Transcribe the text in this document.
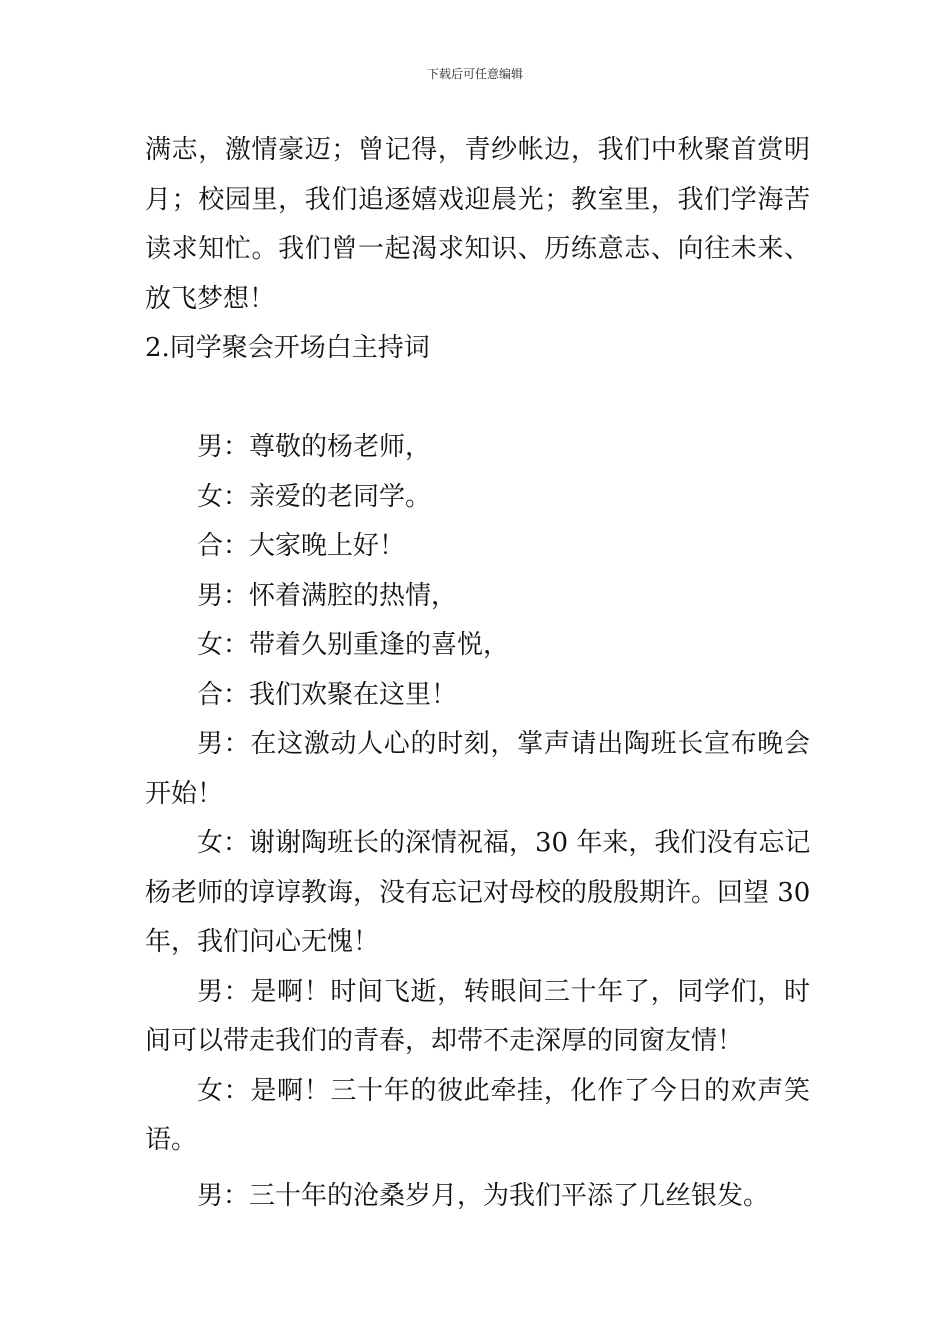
下载后可任意编辑
满志，激情豪迈；曾记得，青纱帐边，我们中秋聚首赏明
月；校园里，我们追逐嬉戏迎晨光；教室里，我们学海苦
读求知忙。我们曾一起渴求知识、历练意志、向往未来、
放飞梦想！
2.同学聚会开场白主持词
男：尊敬的杨老师，
女：亲爱的老同学。
合：大家晚上好！
男：怀着满腔的热情，
女：带着久别重逢的喜悦，
合：我们欢聚在这里！
男：在这激动人心的时刻，掌声请出陶班长宣布晚会
开始！
女：谢谢陶班长的深情祝福，30 年来，我们没有忘记
杨老师的谆谆教诲，没有忘记对母校的殷殷期许。回望 30
年，我们问心无愧！
男：是啊！时间飞逝，转眼间三十年了，同学们，时
间可以带走我们的青春，却带不走深厚的同窗友情！
女：是啊！三十年的彼此牵挂，化作了今日的欢声笑
语。
男：三十年的沧桑岁月，为我们平添了几丝银发。
